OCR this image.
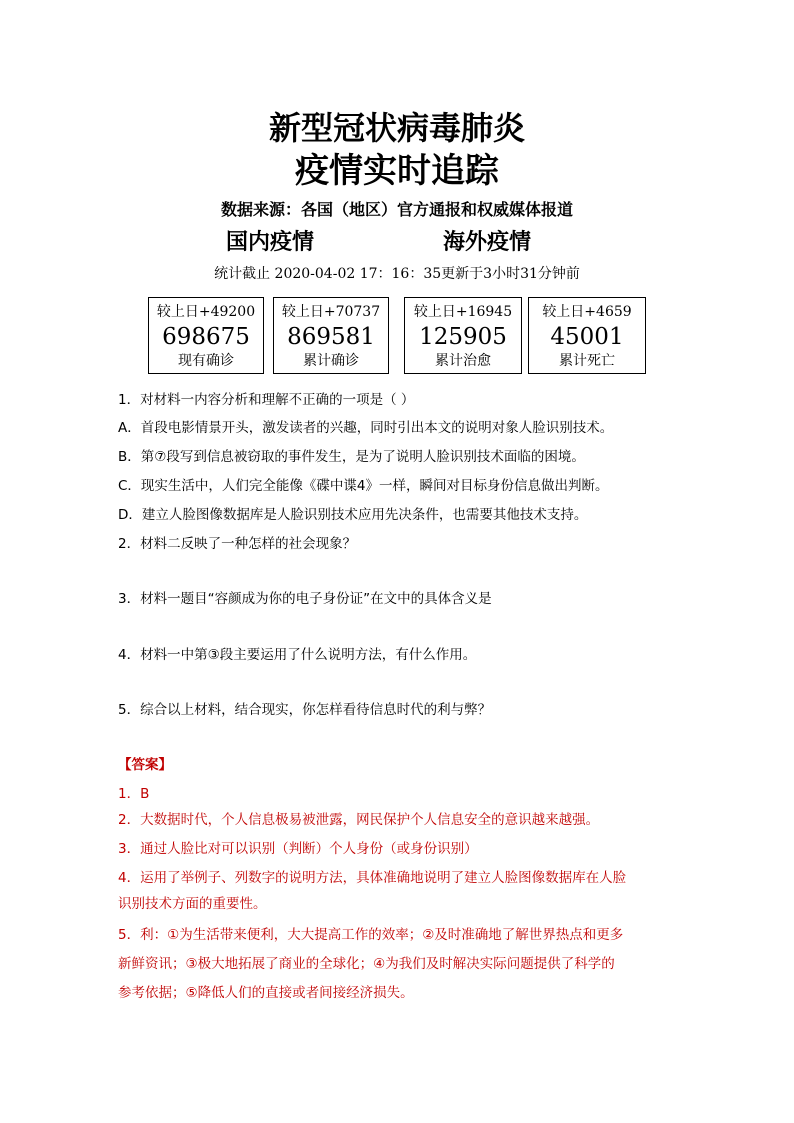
新型冠状病毒肺炎
疫情实时追踪
数据来源：各国（地区）官方通报和权威媒体报道
国内疫情	海外疫情
统计截止 2020-04-02 17：16：35更新于3小时31分钟前
较上日+49200
698675
现有确诊
较上日+70737
869581
累计确诊
较上日+16945
125905
累计治愈
较上日+4659
45001
累计死亡
1．对材料一内容分析和理解不正确的一项是（ ）
A．首段电影情景开头，激发读者的兴趣，同时引出本文的说明对象人脸识别技术。
B．第⑦段写到信息被窃取的事件发生，是为了说明人脸识别技术面临的困境。
C．现实生活中，人们完全能像《碟中谍4》一样，瞬间对目标身份信息做出判断。
D．建立人脸图像数据库是人脸识别技术应用先决条件，也需要其他技术支持。
2．材料二反映了一种怎样的社会现象？
3．材料一题目“容颜成为你的电子身份证”在文中的具体含义是
4．材料一中第③段主要运用了什么说明方法，有什么作用。
5．综合以上材料，结合现实，你怎样看待信息时代的利与弊？
【答案】
1．B
2．大数据时代，个人信息极易被泄露，网民保护个人信息安全的意识越来越强。
3．通过人脸比对可以识别（判断）个人身份（或身份识别）
4．运用了举例子、列数字的说明方法，具体准确地说明了建立人脸图像数据库在人脸
识别技术方面的重要性。
5．利：①为生活带来便利，大大提高工作的效率；②及时准确地了解世界热点和更多
新鲜资讯；③极大地拓展了商业的全球化；④为我们及时解决实际问题提供了科学的
参考依据；⑤降低人们的直接或者间接经济损失。
